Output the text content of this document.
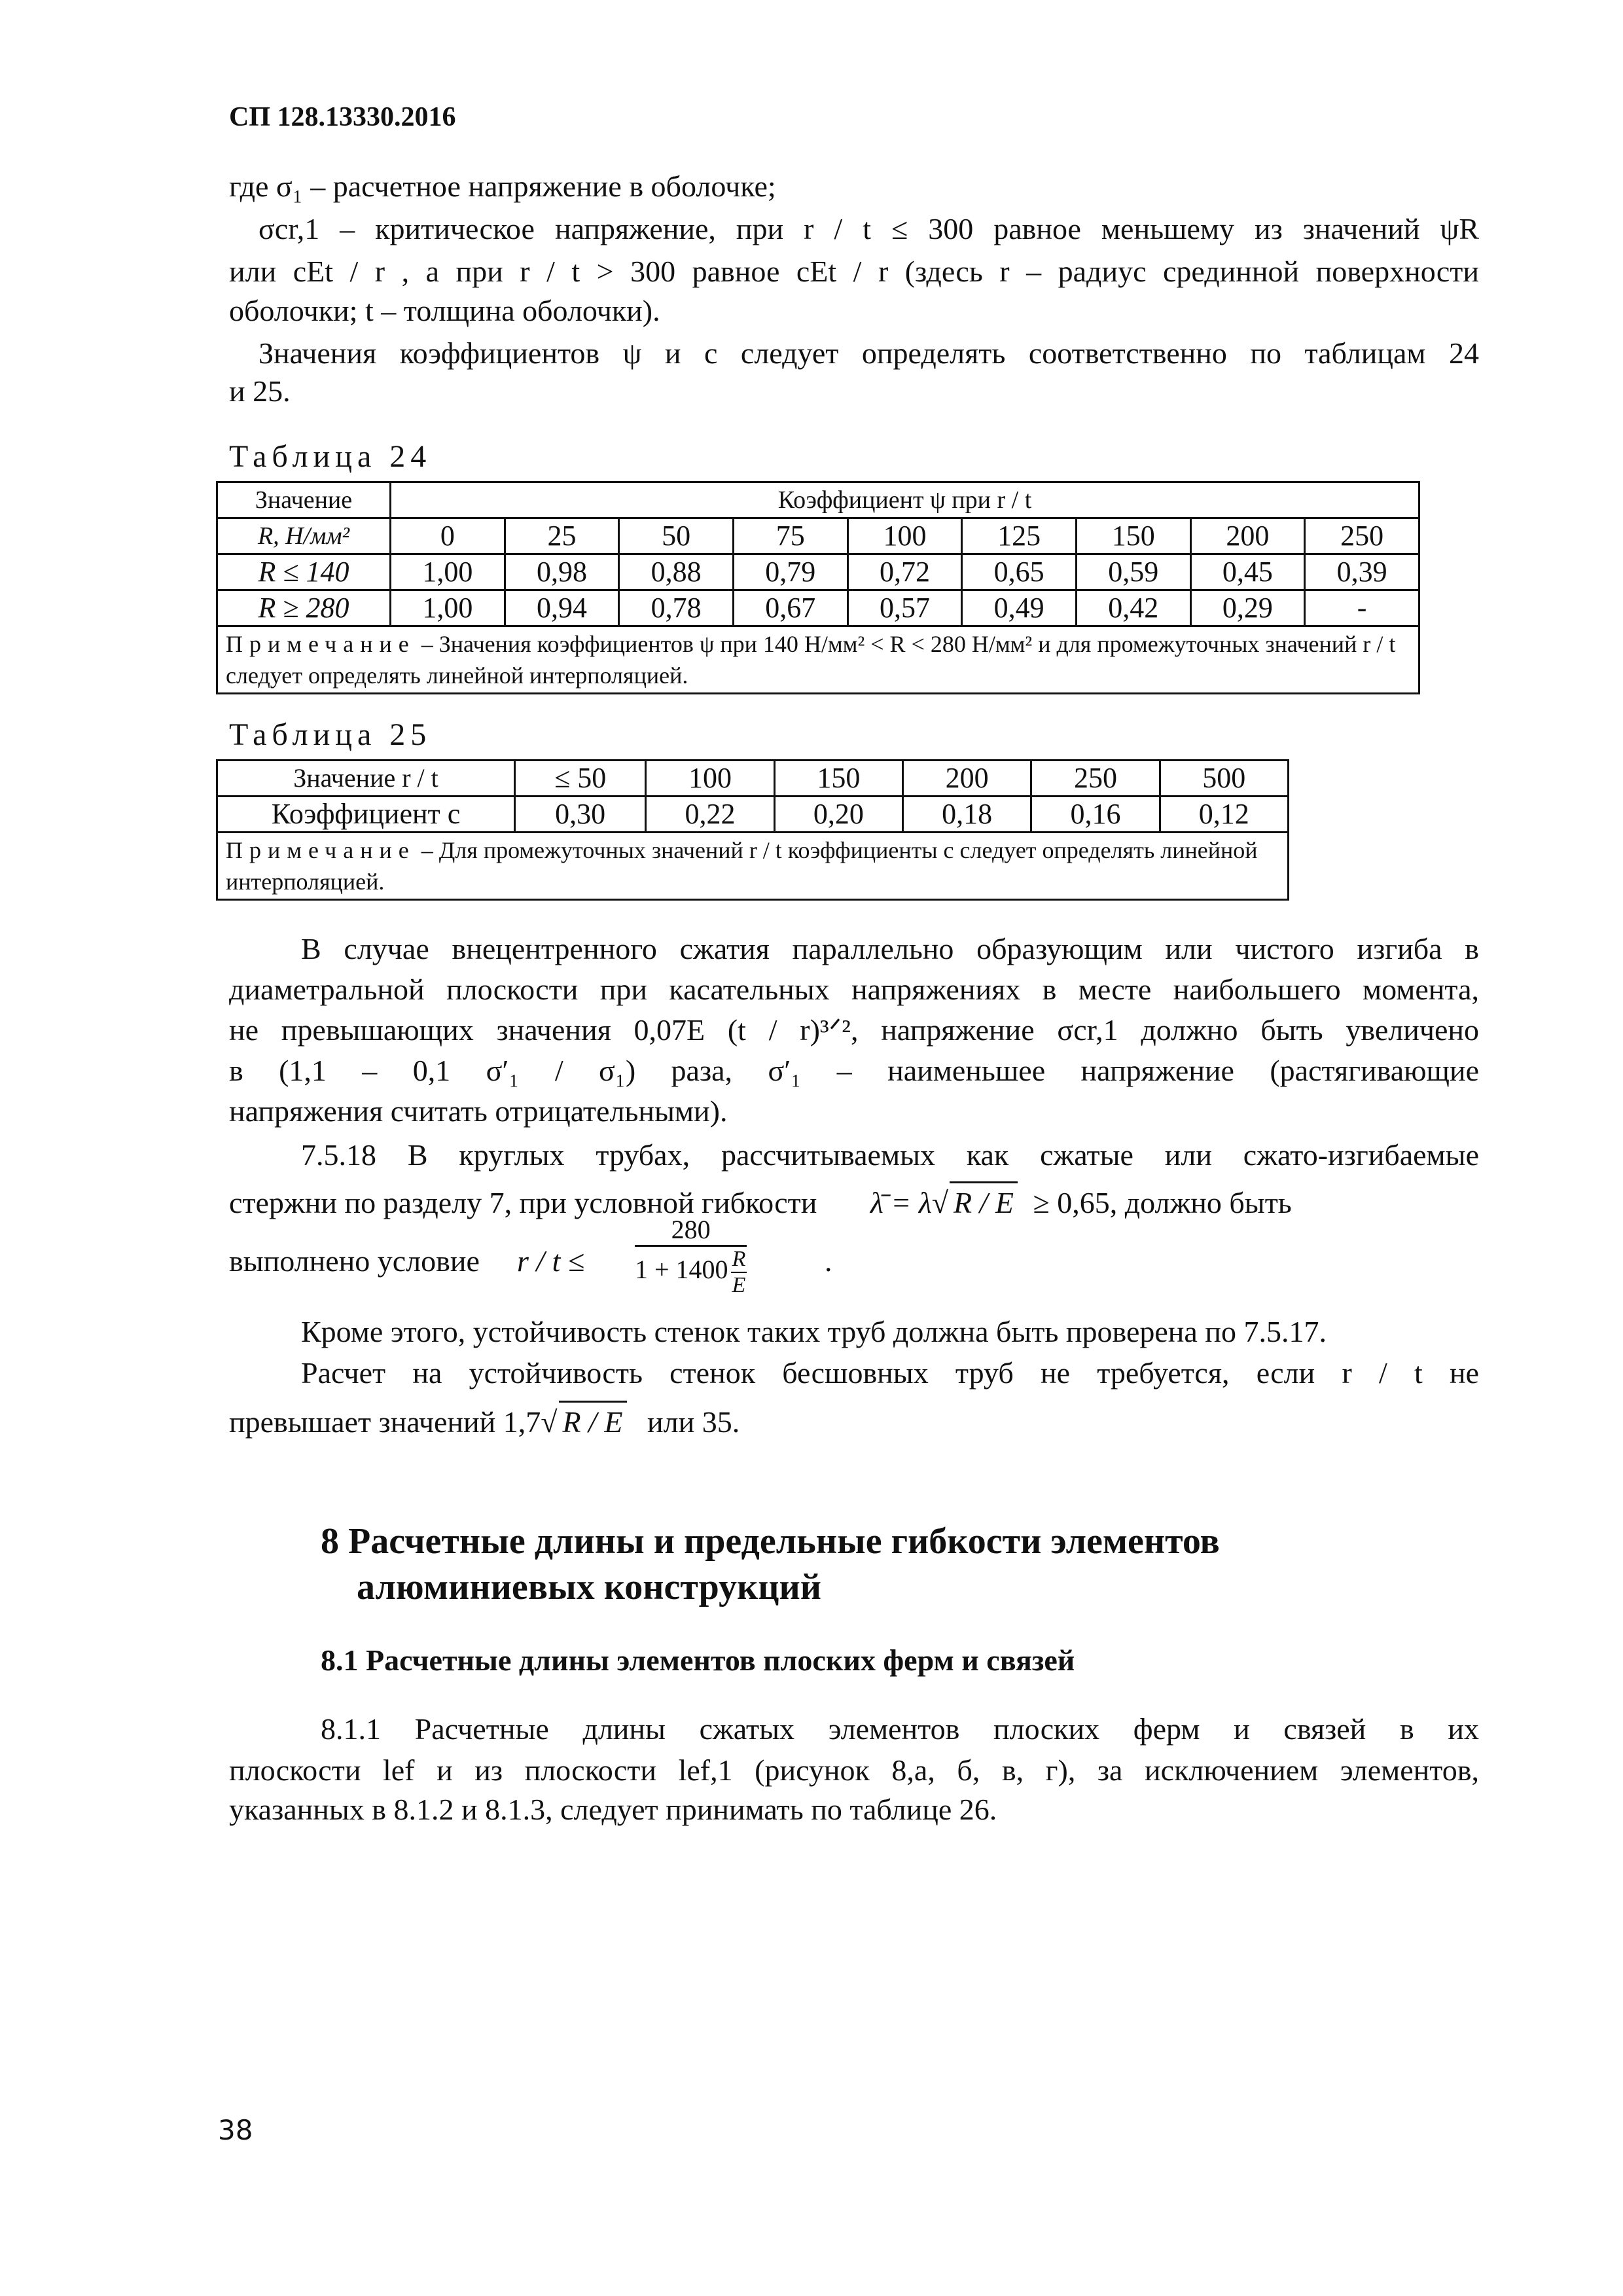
СП 128.13330.2016
где σ₁ – расчетное напряжение в оболочке;
σcr,1 – критическое напряжение, при r / t ≤ 300 равное меньшему из значений ψR
или cEt / r , а при r / t > 300 равное cEt / r (здесь r – радиус срединной поверхности
оболочки; t – толщина оболочки).
Значения коэффициентов ψ и c следует определять соответственно по таблицам 24
и 25.
Таблица 24
Значение	Коэффициент ψ при r / t								
R, Н/мм²	0	25	50	75	100	125	150	200	250
R ≤ 140	1,00	0,98	0,88	0,79	0,72	0,65	0,59	0,45	0,39
R ≥ 280	1,00	0,94	0,78	0,67	0,57	0,49	0,42	0,29	-
Примечание – Значения коэффициентов ψ при 140 Н/мм² < R < 280 Н/мм² и для промежуточных значений r / t следует определять линейной интерполяцией.									
Таблица 25
Значение r / t	≤ 50	100	150	200	250	500
Коэффициент c	0,30	0,22	0,20	0,18	0,16	0,12
Примечание – Для промежуточных значений r / t коэффициенты c следует определять линейной интерполяцией.						
В случае внецентренного сжатия параллельно образующим или чистого изгиба в
диаметральной плоскости при касательных напряжениях в месте наибольшего момента,
не превышающих значения 0,07E (t / r)³ᐟ², напряжение σcr,1 должно быть увеличено
в (1,1 – 0,1 σ′₁ / σ₁) раза, σ′₁ – наименьшее напряжение (растягивающие
напряжения считать отрицательными).
7.5.18 В круглых трубах, рассчитываемых как сжатые или сжато-изгибаемые
стержни по разделу 7, при условной гибкости λ̄ = λ√ R / E ≥ 0,65, должно быть
выполнено условие $r / t \le \frac{280}{1 + 1400 \frac{R}{E}}$	.
Кроме этого, устойчивость стенок таких труб должна быть проверена по 7.5.17.
Расчет на устойчивость стенок бесшовных труб не требуется, если r / t не
превышает значений 1,7√ R / E или 35.
8 Расчетные длины и предельные гибкости элементов
алюминиевых конструкций
8.1 Расчетные длины элементов плоских ферм и связей
8.1.1 Расчетные длины сжатых элементов плоских ферм и связей в их
плоскости lef и из плоскости lef,1 (рисунок 8,а, б, в, г), за исключением элементов,
указанных в 8.1.2 и 8.1.3, следует принимать по таблице 26.
38
